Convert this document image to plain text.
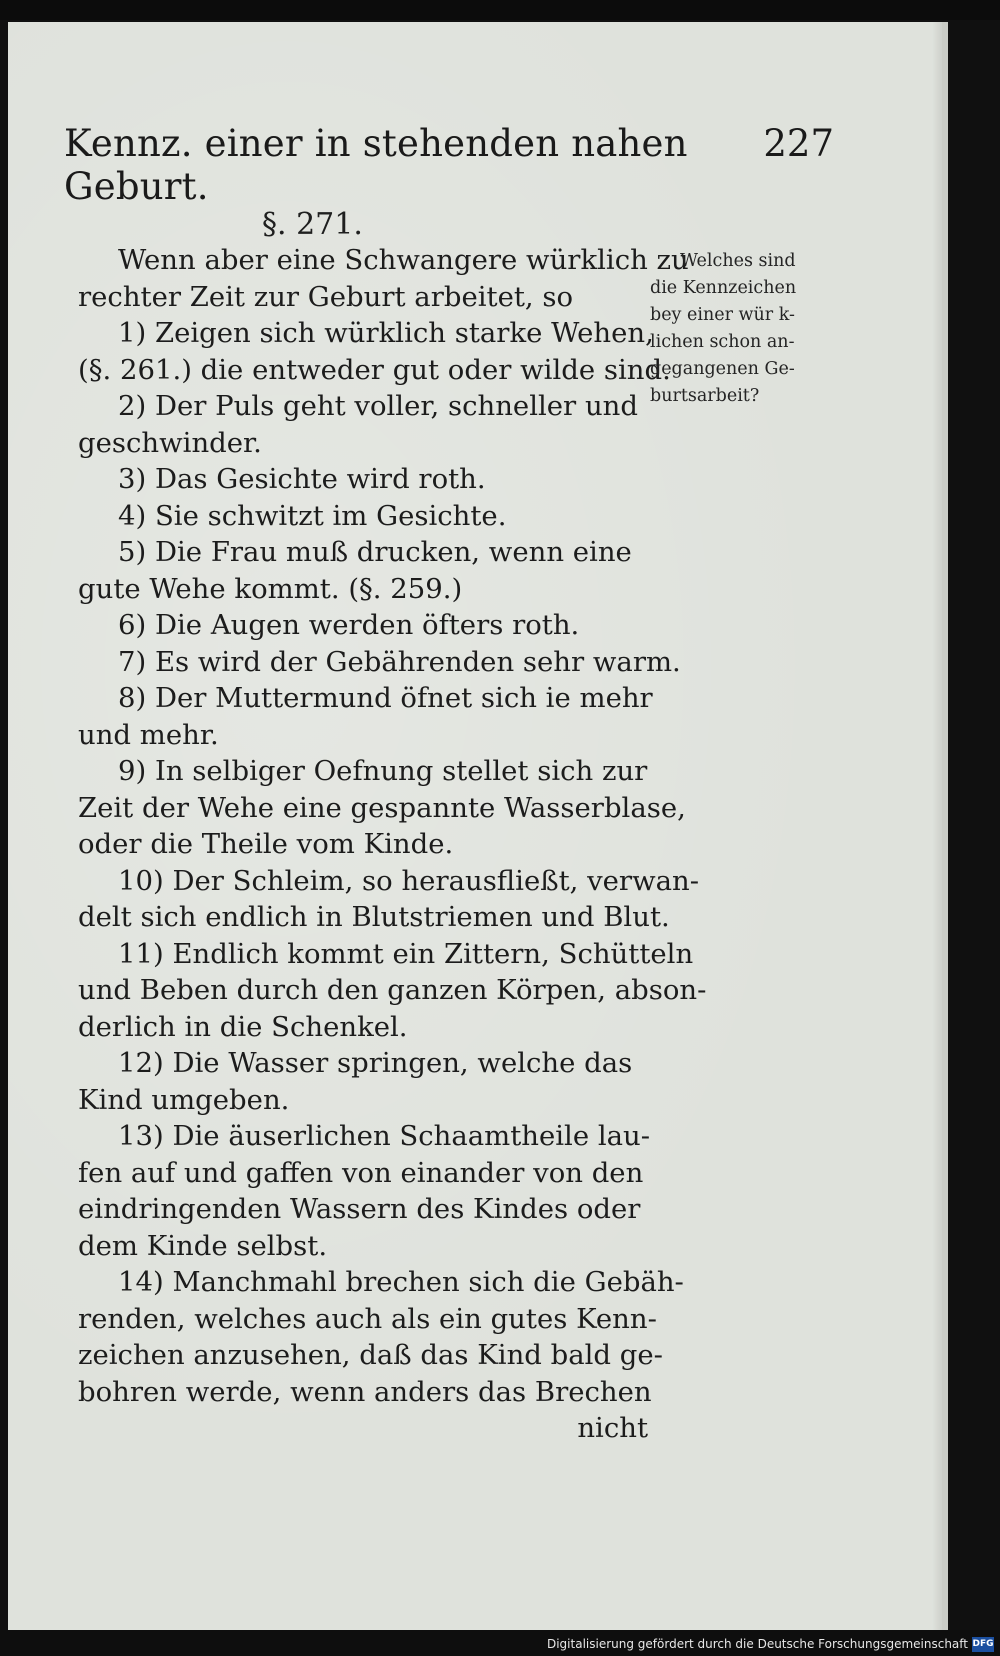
Kennz. einer in stehenden nahen Geburt.
227
§. 271.
Wenn aber eine Schwangere würklich zu
rechter Zeit zur Geburt arbeitet, so
1) Zeigen sich würklich starke Wehen,
(§. 261.) die entweder gut oder wilde sind.
2) Der Puls geht voller, schneller und
geschwinder.
3) Das Gesichte wird roth.
4) Sie schwitzt im Gesichte.
5) Die Frau muß drucken, wenn eine
gute Wehe kommt. (§. 259.)
6) Die Augen werden öfters roth.
7) Es wird der Gebährenden sehr warm.
8) Der Muttermund öfnet sich ie mehr
und mehr.
9) In selbiger Oefnung stellet sich zur
Zeit der Wehe eine gespannte Wasserblase,
oder die Theile vom Kinde.
10) Der Schleim, so herausfließt, verwan-
delt sich endlich in Blutstriemen und Blut.
11) Endlich kommt ein Zittern, Schütteln
und Beben durch den ganzen Körpen, abson-
derlich in die Schenkel.
12) Die Wasser springen, welche das
Kind umgeben.
13) Die äuserlichen Schaamtheile lau-
fen auf und gaffen von einander von den
eindringenden Wassern des Kindes oder
dem Kinde selbst.
14) Manchmahl brechen sich die Gebäh-
renden, welches auch als ein gutes Kenn-
zeichen anzusehen, daß das Kind bald ge-
bohren werde, wenn anders das Brechen
nicht
Welches sind
die Kennzeichen
bey einer wür k-
lichen schon an-
gegangenen Ge-
burtsarbeit?
Digitalisierung gefördert durch die Deutsche Forschungsgemeinschaft DFG
